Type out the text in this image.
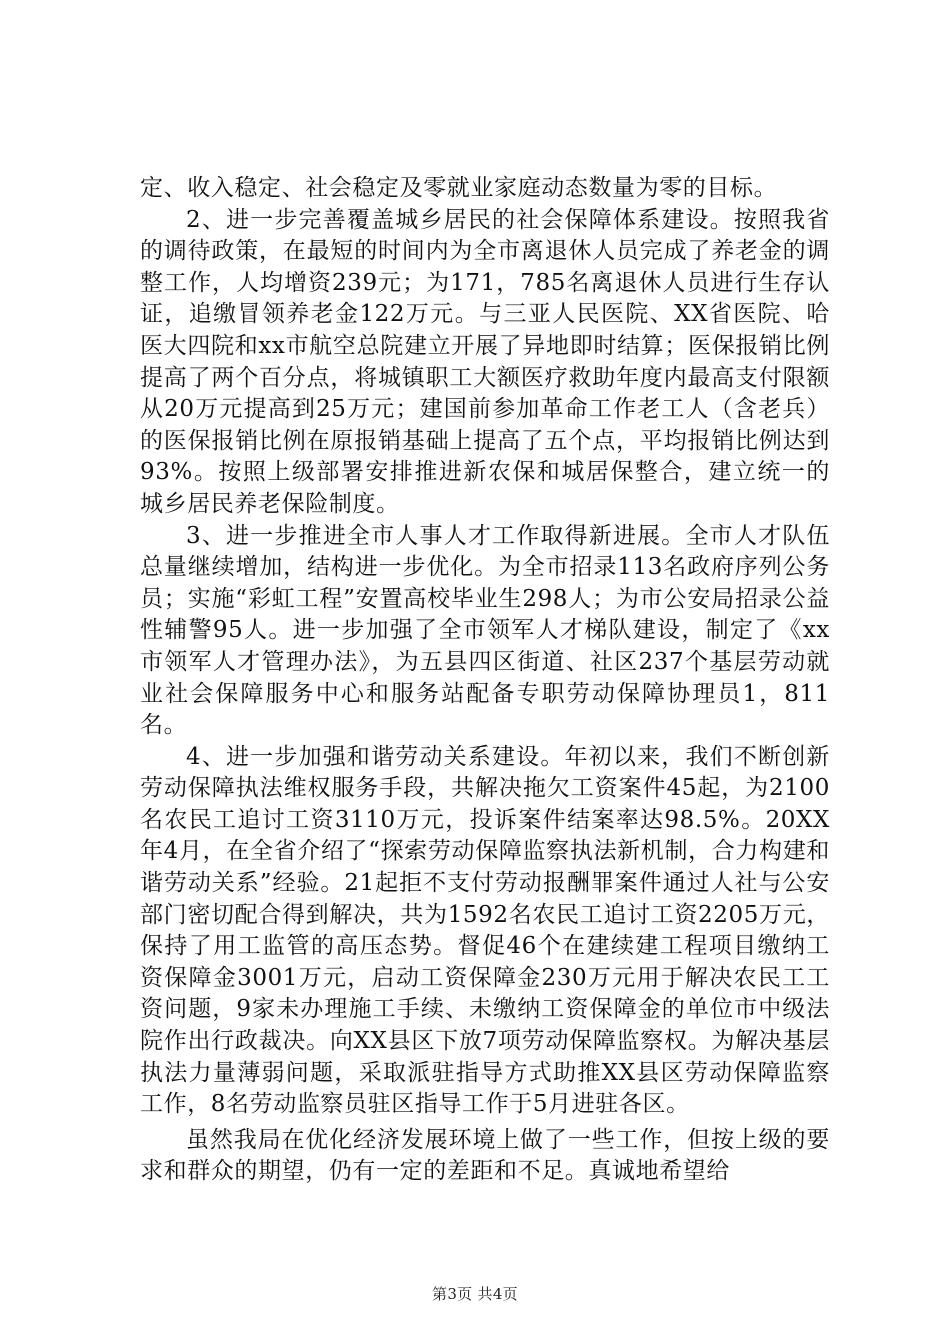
定、收入稳定、社会稳定及零就业家庭动态数量为零的目标。

2、进一步完善覆盖城乡居民的社会保障体系建设。按照我省的调待政策，在最短的时间内为全市离退休人员完成了养老金的调整工作，人均增资239元；为171，785名离退休人员进行生存认证，追缴冒领养老金122万元。与三亚人民医院、XX省医院、哈医大四院和xx市航空总院建立开展了异地即时结算；医保报销比例提高了两个百分点，将城镇职工大额医疗救助年度内最高支付限额从20万元提高到25万元；建国前参加革命工作老工人（含老兵）的医保报销比例在原报销基础上提高了五个点，平均报销比例达到93%。按照上级部署安排推进新农保和城居保整合，建立统一的城乡居民养老保险制度。

3、进一步推进全市人事人才工作取得新进展。全市人才队伍总量继续增加，结构进一步优化。为全市招录113名政府序列公务员；实施“彩虹工程”安置高校毕业生298人；为市公安局招录公益性辅警95人。进一步加强了全市领军人才梯队建设，制定了《xx市领军人才管理办法》，为五县四区街道、社区237个基层劳动就业社会保障服务中心和服务站配备专职劳动保障协理员1，811名。

4、进一步加强和谐劳动关系建设。年初以来，我们不断创新劳动保障执法维权服务手段，共解决拖欠工资案件45起，为2100名农民工追讨工资3110万元，投诉案件结案率达98.5%。20XX年4月，在全省介绍了“探索劳动保障监察执法新机制，合力构建和谐劳动关系”经验。21起拒不支付劳动报酬罪案件通过人社与公安部门密切配合得到解决，共为1592名农民工追讨工资2205万元，保持了用工监管的高压态势。督促46个在建续建工程项目缴纳工资保障金3001万元，启动工资保障金230万元用于解决农民工工资问题，9家未办理施工手续、未缴纳工资保障金的单位市中级法院作出行政裁决。向XX县区下放7项劳动保障监察权。为解决基层执法力量薄弱问题，采取派驻指导方式助推XX县区劳动保障监察工作，8名劳动监察员驻区指导工作于5月进驻各区。

虽然我局在优化经济发展环境上做了一些工作，但按上级的要求和群众的期望，仍有一定的差距和不足。真诚地希望给

第3页 共4页
